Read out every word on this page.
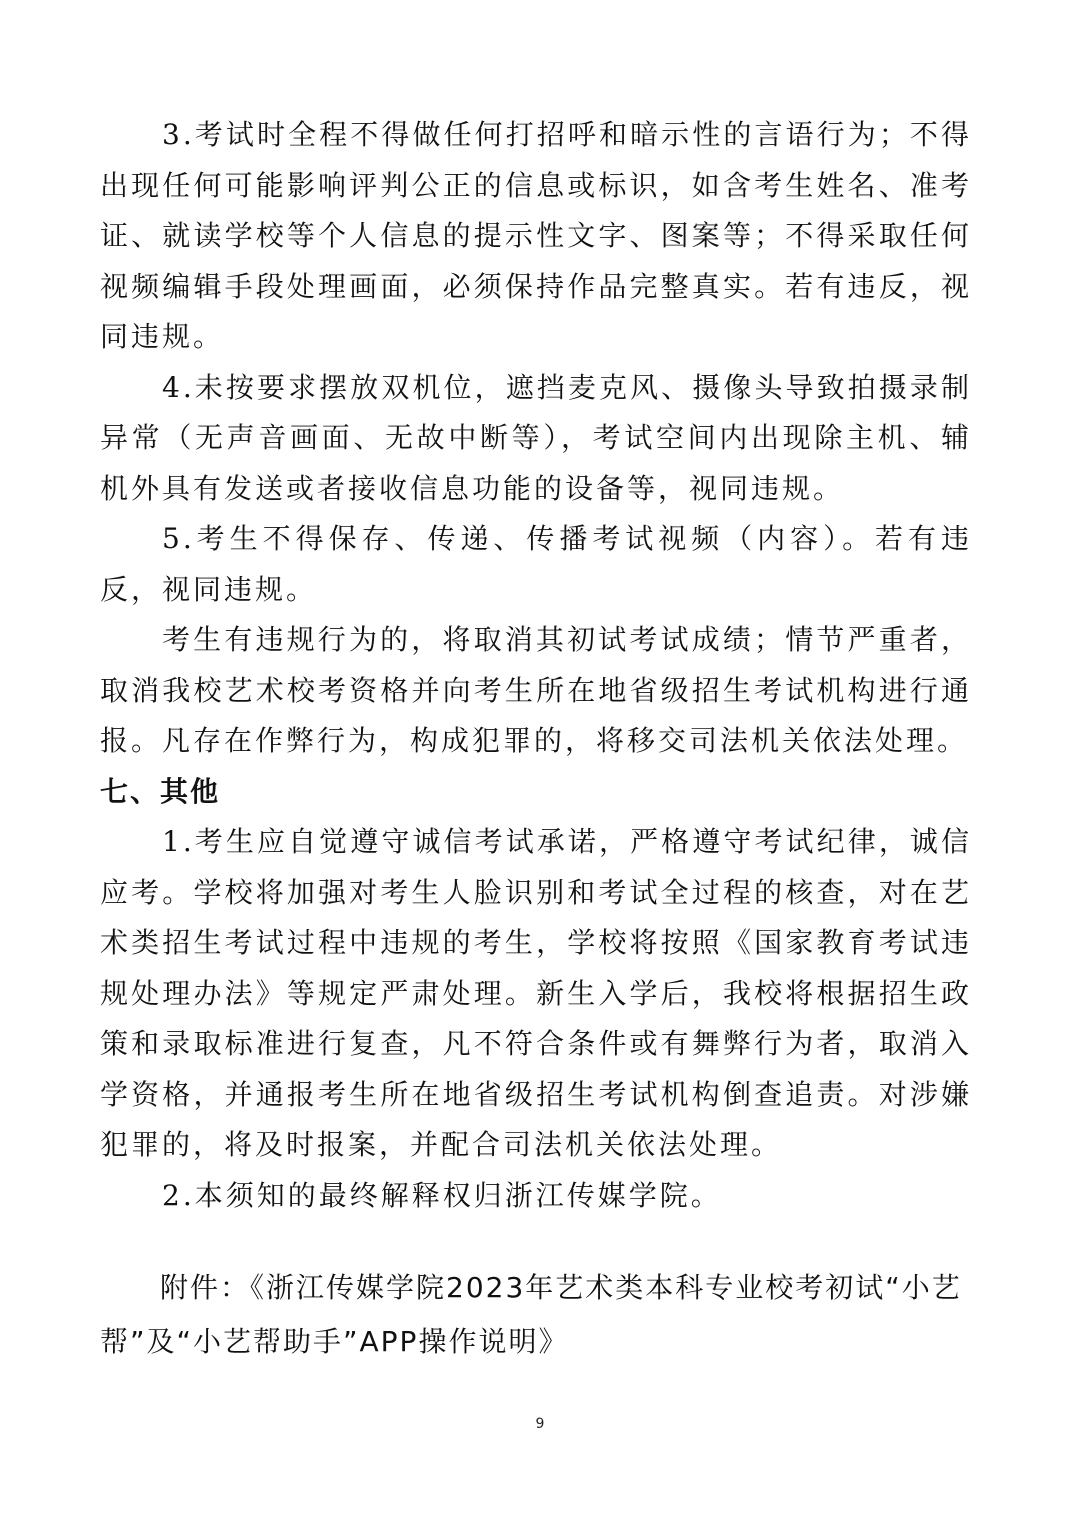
3.考试时全程不得做任何打招呼和暗示性的言语行为；不得出现任何可能影响评判公正的信息或标识，如含考生姓名、准考证、就读学校等个人信息的提示性文字、图案等；不得采取任何视频编辑手段处理画面，必须保持作品完整真实。若有违反，视同违规。

4.未按要求摆放双机位，遮挡麦克风、摄像头导致拍摄录制异常（无声音画面、无故中断等），考试空间内出现除主机、辅机外具有发送或者接收信息功能的设备等，视同违规。

5.考生不得保存、传递、传播考试视频（内容）。若有违反，视同违规。

考生有违规行为的，将取消其初试考试成绩；情节严重者，取消我校艺术校考资格并向考生所在地省级招生考试机构进行通报。凡存在作弊行为，构成犯罪的，将移交司法机关依法处理。

七、其他

1.考生应自觉遵守诚信考试承诺，严格遵守考试纪律，诚信应考。学校将加强对考生人脸识别和考试全过程的核查，对在艺术类招生考试过程中违规的考生，学校将按照《国家教育考试违规处理办法》等规定严肃处理。新生入学后，我校将根据招生政策和录取标准进行复查，凡不符合条件或有舞弊行为者，取消入学资格，并通报考生所在地省级招生考试机构倒查追责。对涉嫌犯罪的，将及时报案，并配合司法机关依法处理。

2.本须知的最终解释权归浙江传媒学院。

附件：《浙江传媒学院2023年艺术类本科专业校考初试“小艺帮”及“小艺帮助手”APP操作说明》

9
